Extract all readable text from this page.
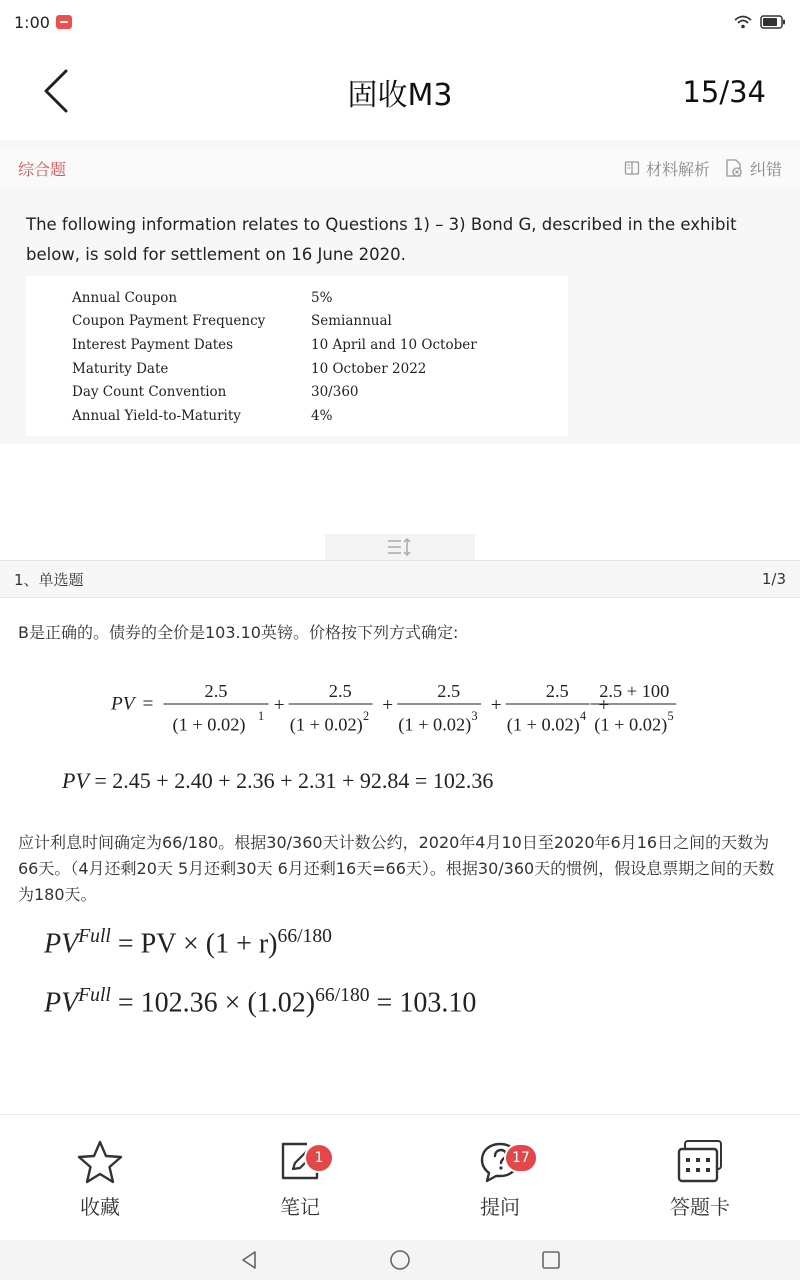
1:00
固收M3	15/34
综合题	材料解析	纠错

The following information relates to Questions 1) – 3) Bond G, described in the exhibit below, is sold for settlement on 16 June 2020.

Annual Coupon	5%
Coupon Payment Frequency	Semiannual
Interest Payment Dates	10 April and 10 October
Maturity Date	10 October 2022
Day Count Convention	30/360
Annual Yield-to-Maturity	4%
1、单选题	1/3

B是正确的。债券的全价是103.10英镑。价格按下列方式确定:

PV =
2.5
(1 + 0.02) 1 +
2.5
(1 + 0.02) 2 +
2.5
(1 + 0.02) 3 +
2.5
(1 + 0.02) 4 +
2.5 + 100
(1 + 0.02) 5
PV = 2.45 + 2.40 + 2.36 + 2.31 + 92.84 = 102.36

应计利息时间确定为66/180。根据30/360天计数公约，2020年4月10日至2020年6月16日之间的天数为66天。（4月还剩20天 5月还剩30天 6月还剩16天=66天）。根据30/360天的惯例，假设息票期之间的天数为180天。

$PV^{Full}$ = PV × $(1 + r)^{66/180}$
$PV^{Full} = 102.36 \times (1.02)^{66/180} = 103.10$
收藏
1
笔记
17
提问	答题卡
